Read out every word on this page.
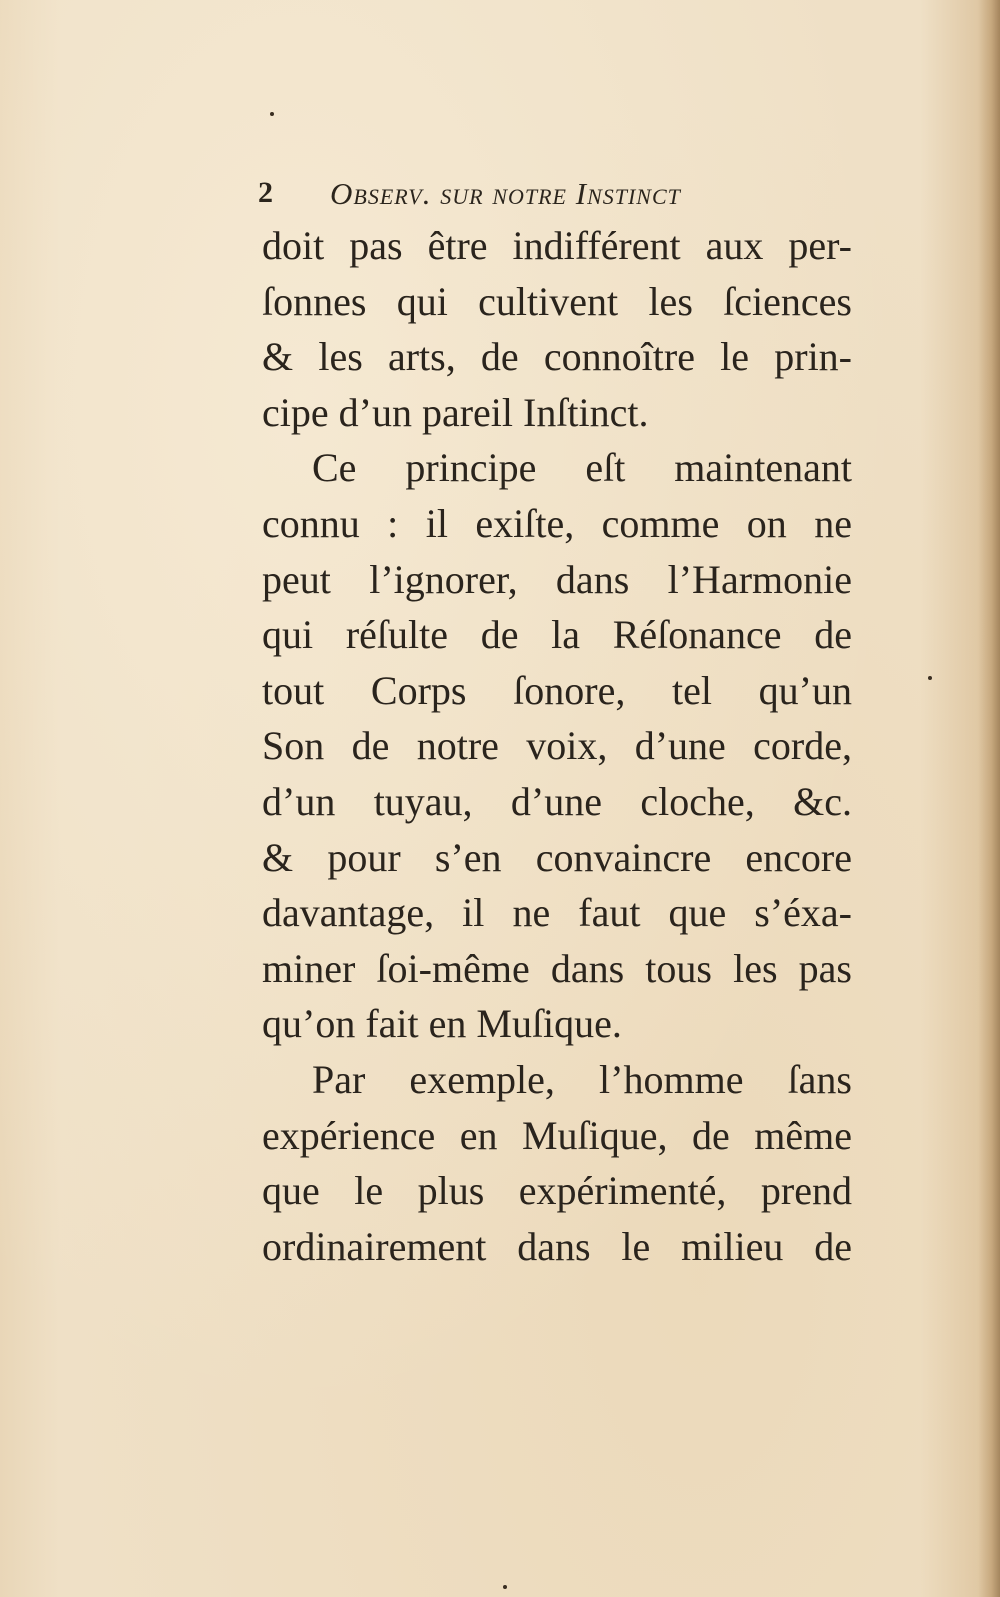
2 Observ. sur notre Instinct
doit pas être indifférent aux per-
ſonnes qui cultivent les ſciences
& les arts, de connoître le prin-
cipe d’un pareil Inſtinct.
Ce principe eſt maintenant
connu : il exiſte, comme on ne
peut l’ignorer, dans l’Harmonie
qui réſulte de la Réſonance de
tout Corps ſonore, tel qu’un
Son de notre voix, d’une corde,
d’un tuyau, d’une cloche, &c.
& pour s’en convaincre encore
davantage, il ne faut que s’éxa-
miner ſoi-même dans tous les pas
qu’on fait en Muſique.
Par exemple, l’homme ſans
expérience en Muſique, de même
que le plus expérimenté, prend
ordinairement dans le milieu de
